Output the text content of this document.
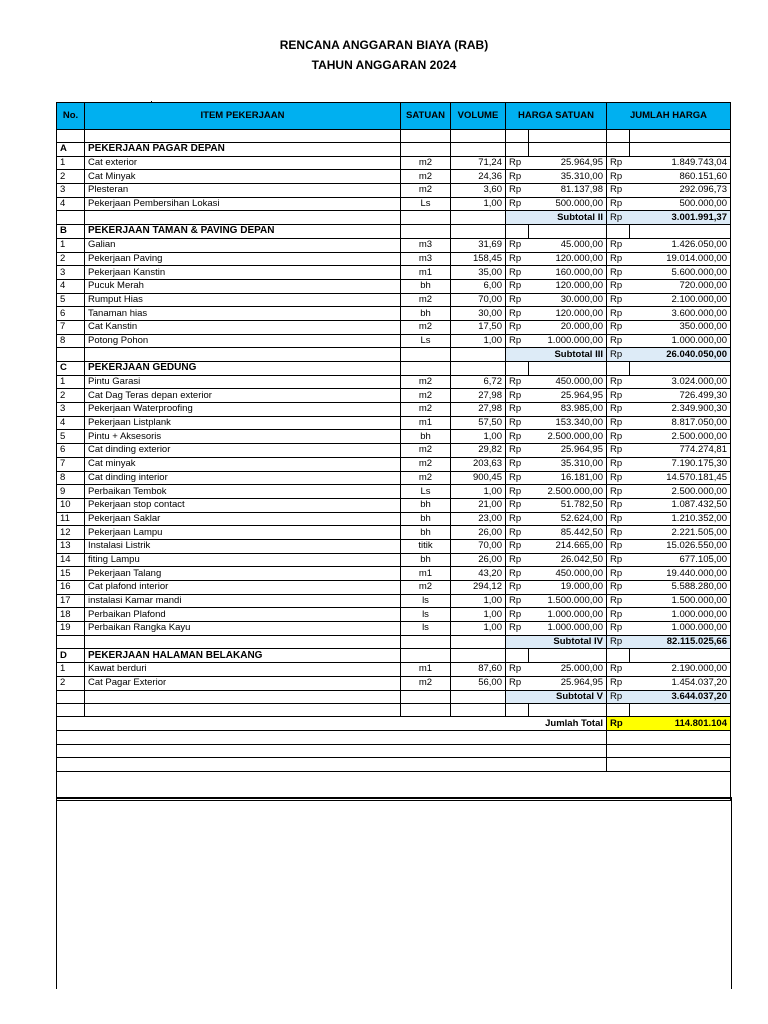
RENCANA ANGGARAN BIAYA (RAB)
TAHUN ANGGARAN 2024
No.	ITEM PEKERJAAN	SATUAN	VOLUME	HARGA SATUAN		JUMLAH HARGA	

A	PEKERJAAN PAGAR DEPAN						
1	Cat exterior	m2	71,24	Rp	25.964,95	Rp	1.849.743,04
2	Cat Minyak	m2	24,36	Rp	35.310,00	Rp	860.151,60
3	Plesteran	m2	3,60	Rp	81.137,98	Rp	292.096,73
4	Pekerjaan Pembersihan Lokasi	Ls	1,00	Rp	500.000,00	Rp	500.000,00
				Subtotal II		Rp	3.001.991,37
B	PEKERJAAN TAMAN & PAVING DEPAN						
1	Galian	m3	31,69	Rp	45.000,00	Rp	1.426.050,00
2	Pekerjaan Paving	m3	158,45	Rp	120.000,00	Rp	19.014.000,00
3	Pekerjaan Kanstin	m1	35,00	Rp	160.000,00	Rp	5.600.000,00
4	Pucuk Merah	bh	6,00	Rp	120.000,00	Rp	720.000,00
5	Rumput Hias	m2	70,00	Rp	30.000,00	Rp	2.100.000,00
6	Tanaman hias	bh	30,00	Rp	120.000,00	Rp	3.600.000,00
7	Cat Kanstin	m2	17,50	Rp	20.000,00	Rp	350.000,00
8	Potong Pohon	Ls	1,00	Rp	1.000.000,00	Rp	1.000.000,00
				Subtotal III		Rp	26.040.050,00
C	PEKERJAAN GEDUNG						
1	Pintu Garasi	m2	6,72	Rp	450.000,00	Rp	3.024.000,00
2	Cat Dag Teras depan exterior	m2	27,98	Rp	25.964,95	Rp	726.499,30
3	Pekerjaan Waterproofing	m2	27,98	Rp	83.985,00	Rp	2.349.900,30
4	Pekerjaan Listplank	m1	57,50	Rp	153.340,00	Rp	8.817.050,00
5	Pintu + Aksesoris	bh	1,00	Rp	2.500.000,00	Rp	2.500.000,00
6	Cat dinding exterior	m2	29,82	Rp	25.964,95	Rp	774.274,81
7	Cat minyak	m2	203,63	Rp	35.310,00	Rp	7.190.175,30
8	Cat dinding interior	m2	900,45	Rp	16.181,00	Rp	14.570.181,45
9	Perbaikan Tembok	Ls	1,00	Rp	2.500.000,00	Rp	2.500.000,00
10	Pekerjaan stop contact	bh	21,00	Rp	51.782,50	Rp	1.087.432,50
11	Pekerjaan Saklar	bh	23,00	Rp	52.624,00	Rp	1.210.352,00
12	Pekerjaan Lampu	bh	26,00	Rp	85.442,50	Rp	2.221.505,00
13	Instalasi Listrik	titik	70,00	Rp	214.665,00	Rp	15.026.550,00
14	fiting Lampu	bh	26,00	Rp	26.042,50	Rp	677.105,00
15	Pekerjaan Talang	m1	43,20	Rp	450.000,00	Rp	19.440.000,00
16	Cat plafond interior	m2	294,12	Rp	19.000,00	Rp	5.588.280,00
17	instalasi Kamar mandi	ls	1,00	Rp	1.500.000,00	Rp	1.500.000,00
18	Perbaikan Plafond	ls	1,00	Rp	1.000.000,00	Rp	1.000.000,00
19	Perbaikan Rangka Kayu	ls	1,00	Rp	1.000.000,00	Rp	1.000.000,00
				Subtotal IV		Rp	82.115.025,66
D	PEKERJAAN HALAMAN BELAKANG						
1	Kawat berduri	m1	87,60	Rp	25.000,00	Rp	2.190.000,00
2	Cat Pagar Exterior	m2	56,00	Rp	25.964,95	Rp	1.454.037,20
				Subtotal V		Rp	3.644.037,20

Jumlah Total						Rp	114.801.104
